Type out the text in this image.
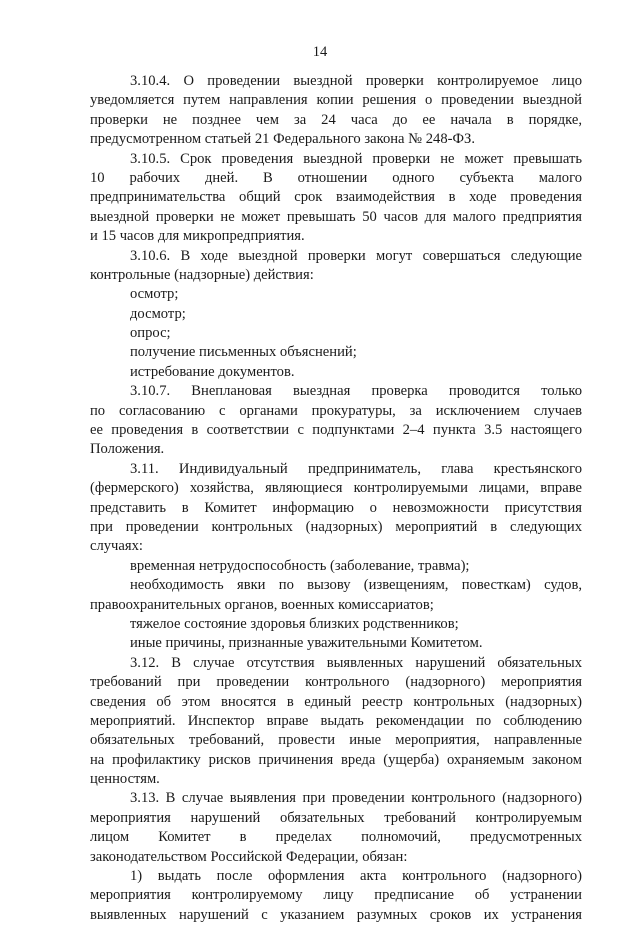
14
3.10.4. О проведении выездной проверки контролируемое лицо
уведомляется путем направления копии решения о проведении выездной
проверки не позднее чем за 24 часа до ее начала в порядке,
предусмотренном статьей 21 Федерального закона № 248-ФЗ.
3.10.5. Срок проведения выездной проверки не может превышать
10 рабочих дней. В отношении одного субъекта малого
предпринимательства общий срок взаимодействия в ходе проведения
выездной проверки не может превышать 50 часов для малого предприятия
и 15 часов для микропредприятия.
3.10.6. В ходе выездной проверки могут совершаться следующие
контрольные (надзорные) действия:
осмотр;
досмотр;
опрос;
получение письменных объяснений;
истребование документов.
3.10.7. Внеплановая выездная проверка проводится только
по согласованию с органами прокуратуры, за исключением случаев
ее проведения в соответствии с подпунктами 2–4 пункта 3.5 настоящего
Положения.
3.11. Индивидуальный предприниматель, глава крестьянского
(фермерского) хозяйства, являющиеся контролируемыми лицами, вправе
представить в Комитет информацию о невозможности присутствия
при проведении контрольных (надзорных) мероприятий в следующих
случаях:
временная нетрудоспособность (заболевание, травма);
необходимость явки по вызову (извещениям, повесткам) судов,
правоохранительных органов, военных комиссариатов;
тяжелое состояние здоровья близких родственников;
иные причины, признанные уважительными Комитетом.
3.12. В случае отсутствия выявленных нарушений обязательных
требований при проведении контрольного (надзорного) мероприятия
сведения об этом вносятся в единый реестр контрольных (надзорных)
мероприятий. Инспектор вправе выдать рекомендации по соблюдению
обязательных требований, провести иные мероприятия, направленные
на профилактику рисков причинения вреда (ущерба) охраняемым законом
ценностям.
3.13. В случае выявления при проведении контрольного (надзорного)
мероприятия нарушений обязательных требований контролируемым
лицом Комитет в пределах полномочий, предусмотренных
законодательством Российской Федерации, обязан:
1) выдать после оформления акта контрольного (надзорного)
мероприятия контролируемому лицу предписание об устранении
выявленных нарушений с указанием разумных сроков их устранения
